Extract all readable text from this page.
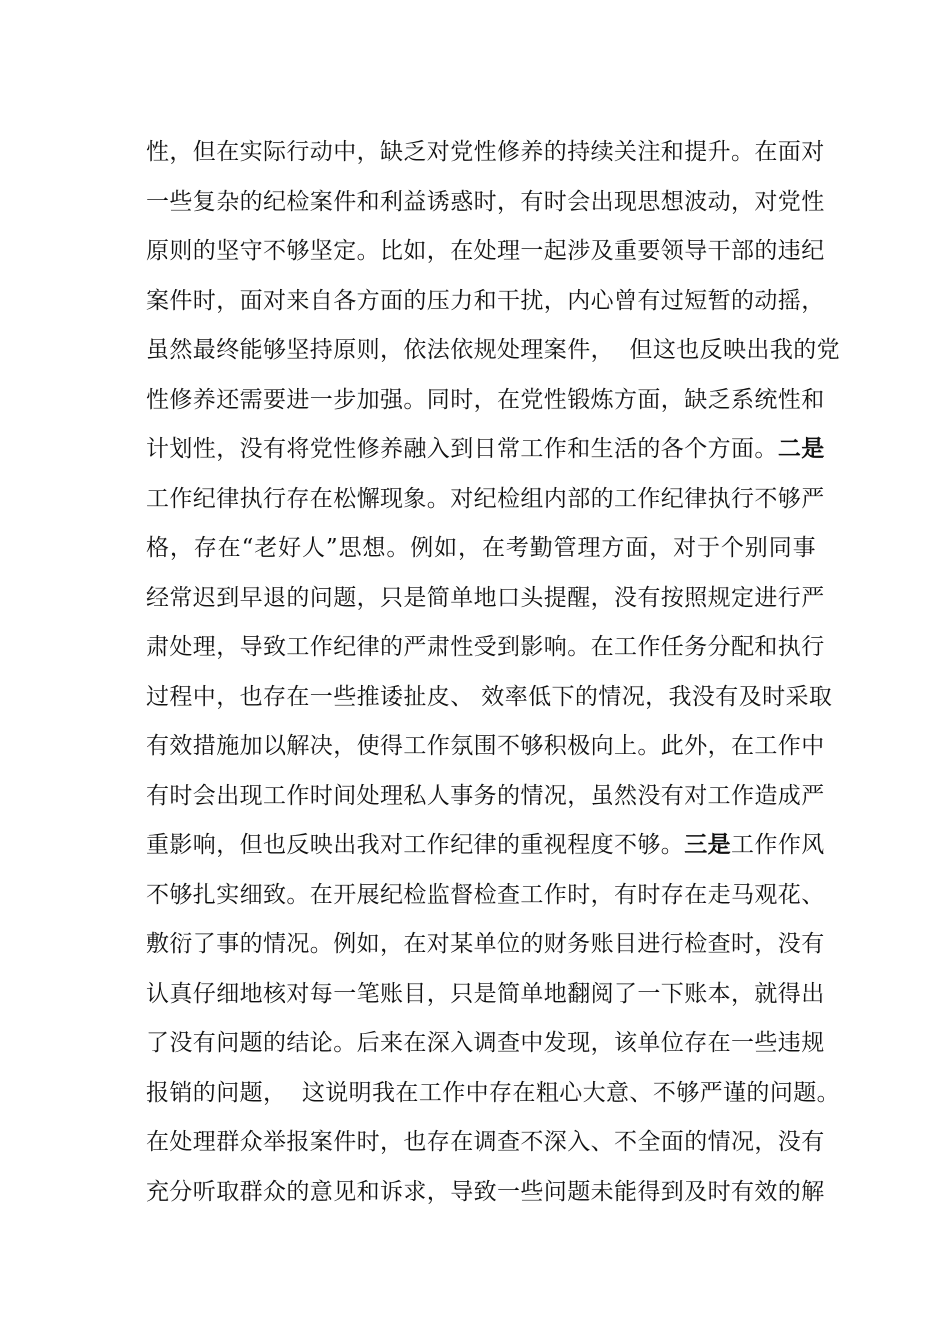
性，但在实际行动中，缺乏对党性修养的持续关注和提升。在面对
一些复杂的纪检案件和利益诱惑时，有时会出现思想波动，对党性
原则的坚守不够坚定。比如，在处理一起涉及重要领导干部的违纪
案件时，面对来自各方面的压力和干扰，内心曾有过短暂的动摇，
虽然最终能够坚持原则，依法依规处理案件，  但这也反映出我的党
性修养还需要进一步加强。同时，在党性锻炼方面，缺乏系统性和
计划性，没有将党性修养融入到日常工作和生活的各个方面。二是
工作纪律执行存在松懈现象。对纪检组内部的工作纪律执行不够严
格，存在“老好人”思想。例如，在考勤管理方面，对于个别同事
经常迟到早退的问题，只是简单地口头提醒，没有按照规定进行严
肃处理，导致工作纪律的严肃性受到影响。在工作任务分配和执行
过程中，也存在一些推诿扯皮、 效率低下的情况，我没有及时采取
有效措施加以解决，使得工作氛围不够积极向上。此外，在工作中
有时会出现工作时间处理私人事务的情况，虽然没有对工作造成严
重影响，但也反映出我对工作纪律的重视程度不够。三是工作作风
不够扎实细致。在开展纪检监督检查工作时，有时存在走马观花、
敷衍了事的情况。例如，在对某单位的财务账目进行检查时，没有
认真仔细地核对每一笔账目，只是简单地翻阅了一下账本，就得出
了没有问题的结论。后来在深入调查中发现，该单位存在一些违规
报销的问题，  这说明我在工作中存在粗心大意、不够严谨的问题。
在处理群众举报案件时，也存在调查不深入、不全面的情况，没有
充分听取群众的意见和诉求，导致一些问题未能得到及时有效的解
